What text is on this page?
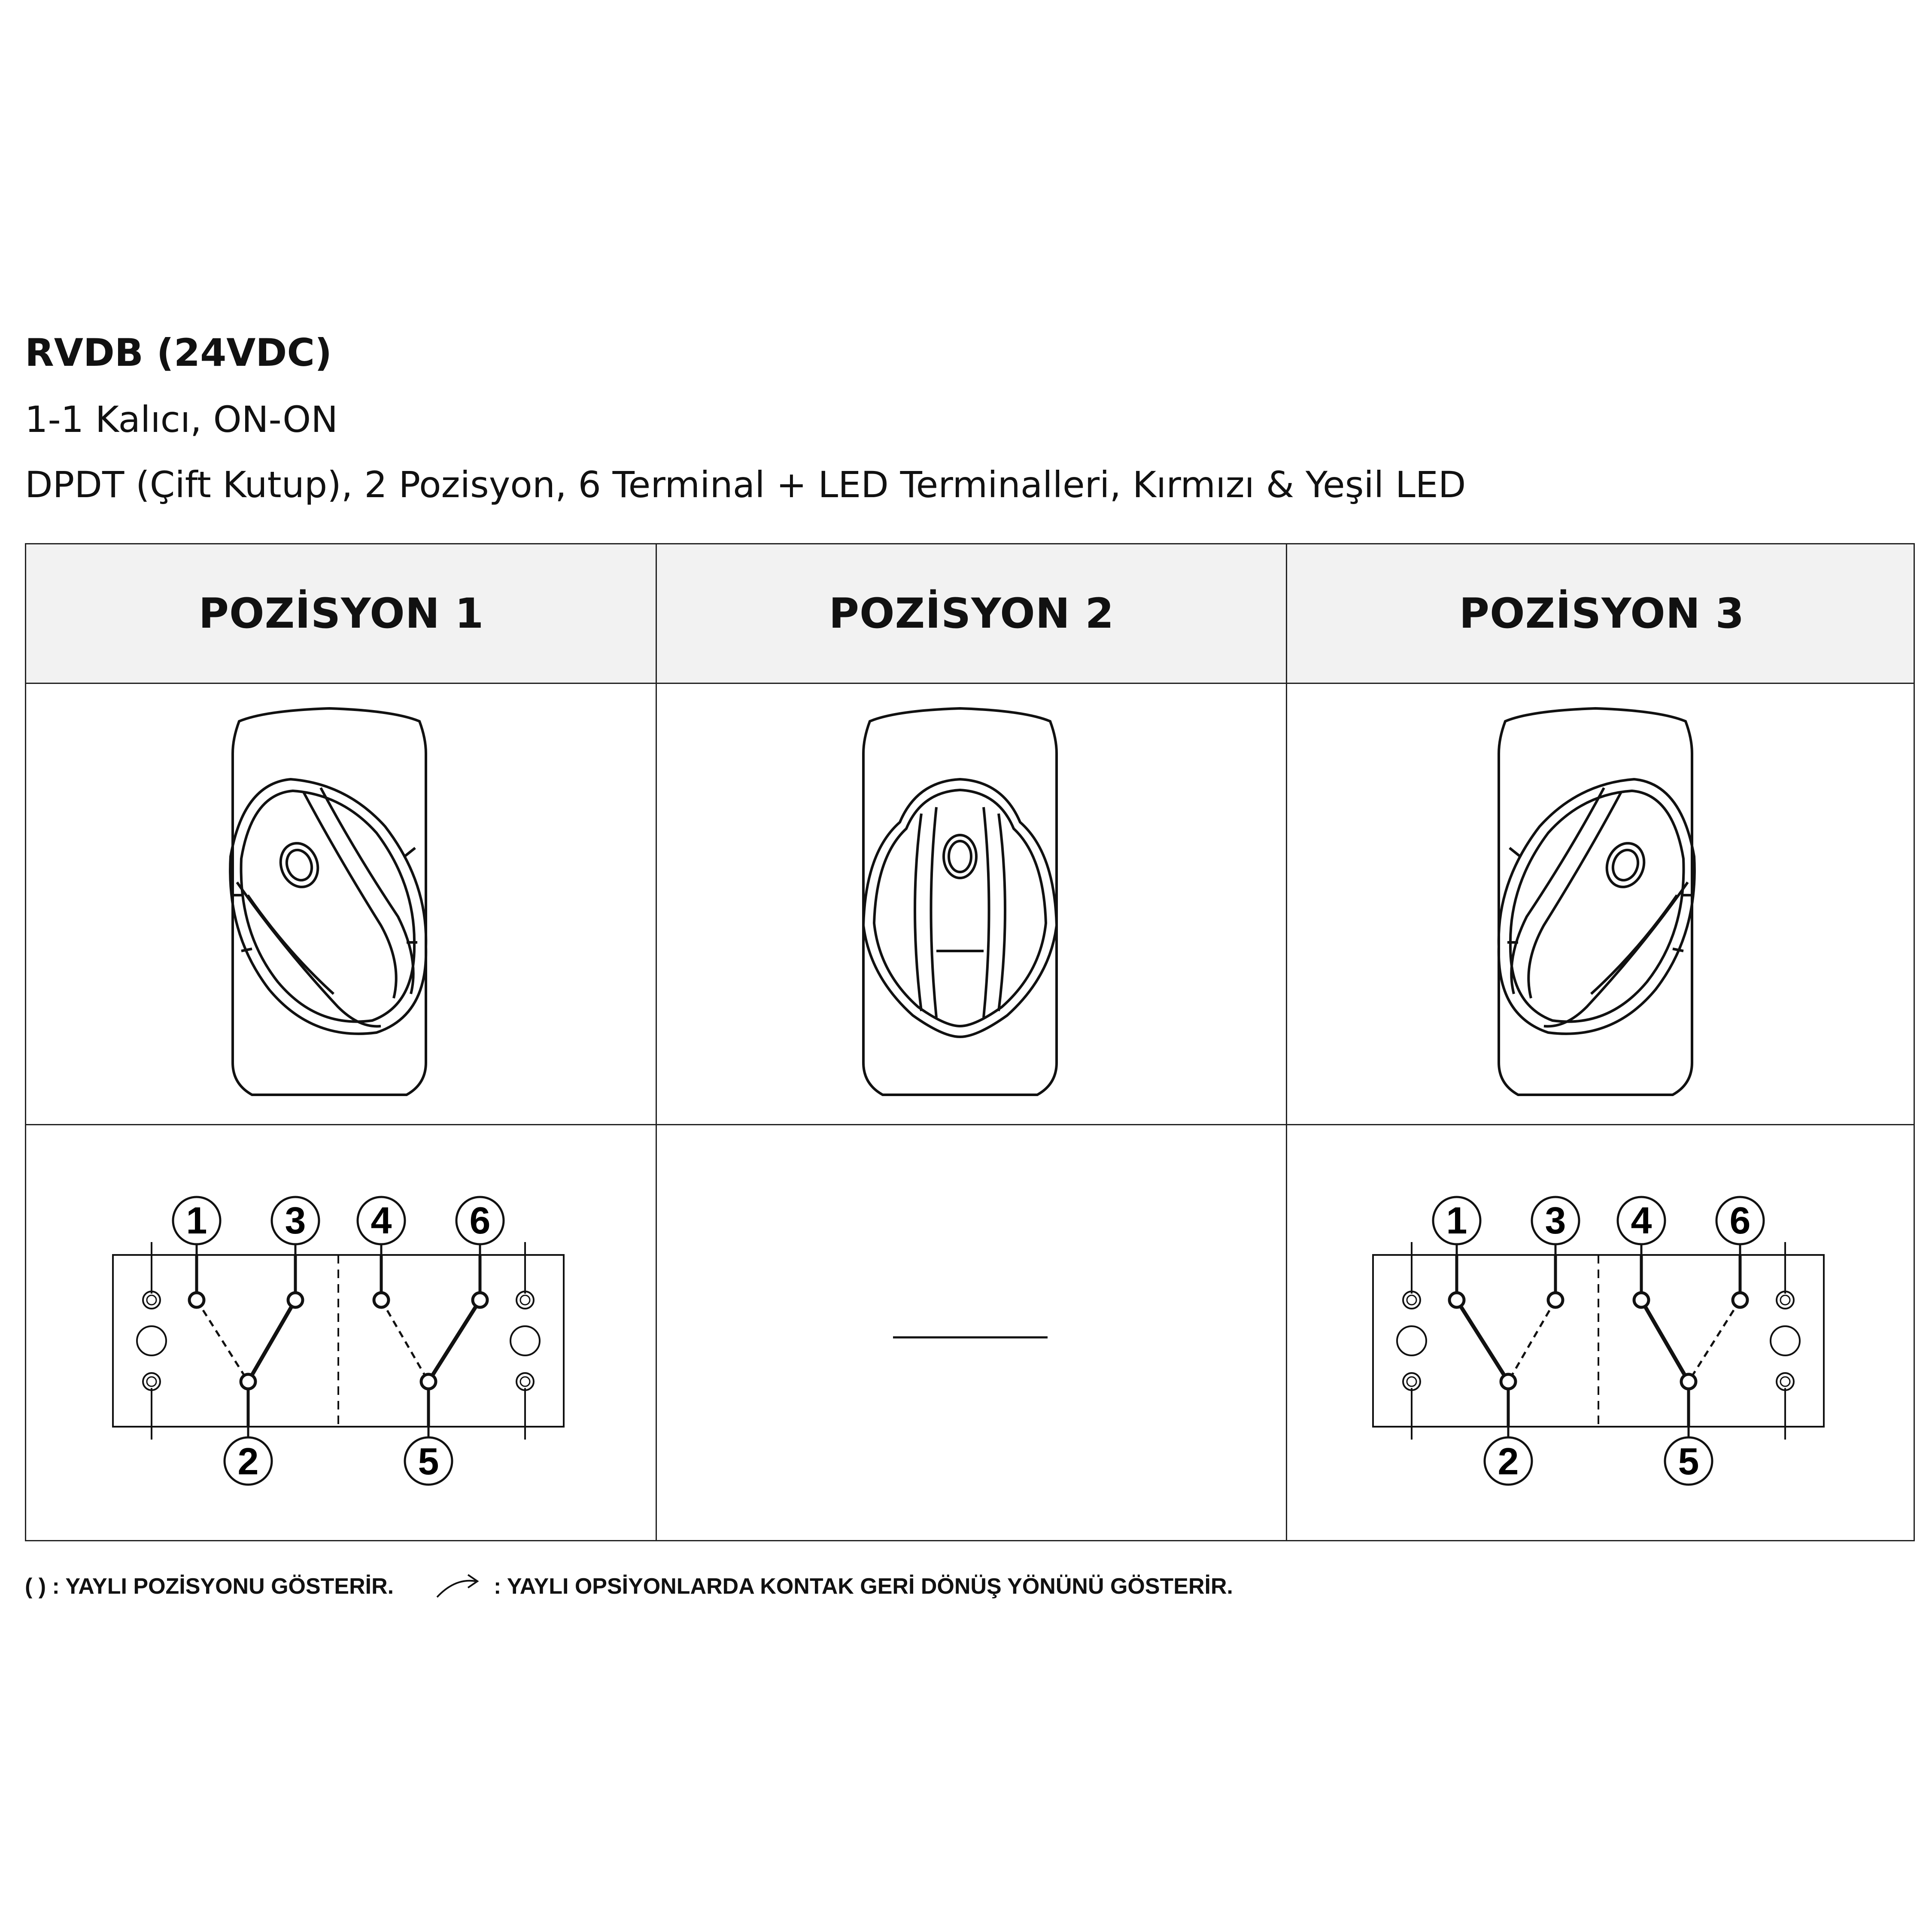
RVDB (24VDC)
1-1 Kalıcı, ON-ON
DPDT (Çift Kutup), 2 Pozisyon, 6 Terminal + LED Terminalleri, Kırmızı & Yeşil LED
POZİSYON 1	POZİSYON 2	POZİSYON 3
1 3 4 6
2	5
1 3 4 6
2	5
( ) : YAYLI POZİSYONU GÖSTERİR.	: YAYLI OPSİYONLARDA KONTAK GERİ DÖNÜŞ YÖNÜNÜ GÖSTERİR.
